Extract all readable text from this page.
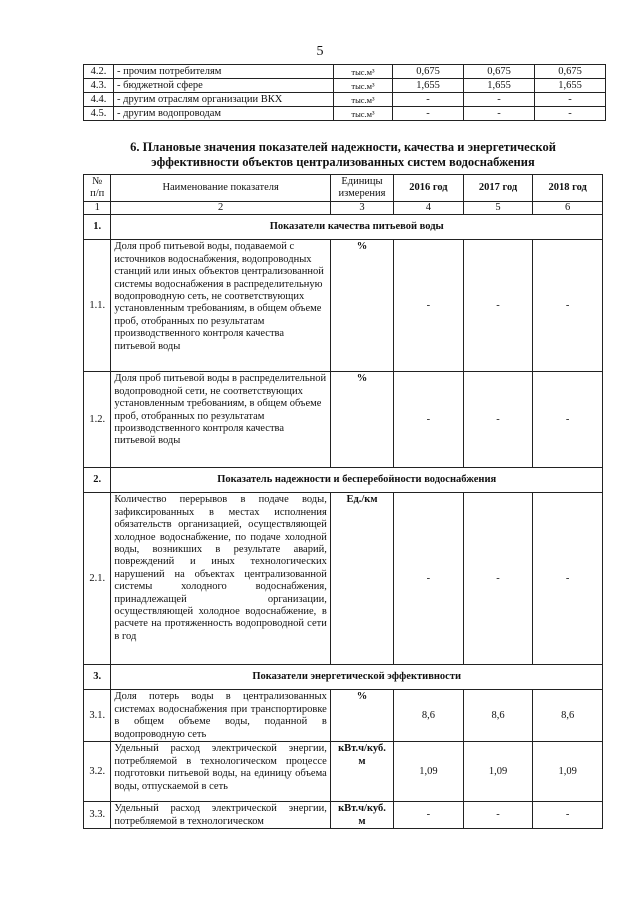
5
4.2.	- прочим потребителям	тыс.м³	0,675	0,675	0,675
4.3.	- бюджетной сфере	тыс.м³	1,655	1,655	1,655
4.4.	- другим отраслям организации ВКХ	тыс.м³	-	-	-
4.5.	- другим водопроводам	тыс.м³	-	-	-
6. Плановые значения показателей надежности, качества и энергетической
эффективности объектов централизованных систем водоснабжения
№ п/п	Наименование показателя	Единицы измерения	2016 год	2017 год	2018 год
1	2	3	4	5	6
1.	Показатели качества питьевой воды				
1.1.	Доля проб питьевой воды, подаваемой с источников водоснабжения, водопроводных станций или иных объектов централизованной системы водоснабжения в распределительную водопроводную сеть, не соответствующих установленным требованиям, в общем объеме проб, отобранных по результатам производственного контроля качества питьевой воды	%	-	-	-
1.2.	Доля проб питьевой воды в распределительной водопроводной сети, не соответствующих установленным требованиям, в общем объеме проб, отобранных по результатам производственного контроля качества питьевой воды	%	-	-	-
2.	Показатель надежности и бесперебойности водоснабжения				
2.1.	Количество перерывов в подаче воды, зафиксированных в местах исполнения обязательств организацией, осуществляющей холодное водоснабжение, по подаче холодной воды, возникших в результате аварий, повреждений и иных технологических нарушений на объектах централизованной системы холодного водоснабжения, принадлежащей организации, осуществляющей холодное водоснабжение, в расчете на протяженность водопроводной сети в год	Ед./км	-	-	-
3.	Показатели энергетической эффективности				
3.1.	Доля потерь воды в централизованных системах водоснабжения при транспортировке в общем объеме воды, поданной в водопроводную сеть	%	8,6	8,6	8,6
3.2.	Удельный расход электрической энергии, потребляемой в технологическом процессе подготовки питьевой воды, на единицу объема воды, отпускаемой в сеть	кВт.ч/куб. м	1,09	1,09	1,09
3.3.	Удельный расход электрической энергии, потребляемой в технологическом	кВт.ч/куб. м	-	-	-
